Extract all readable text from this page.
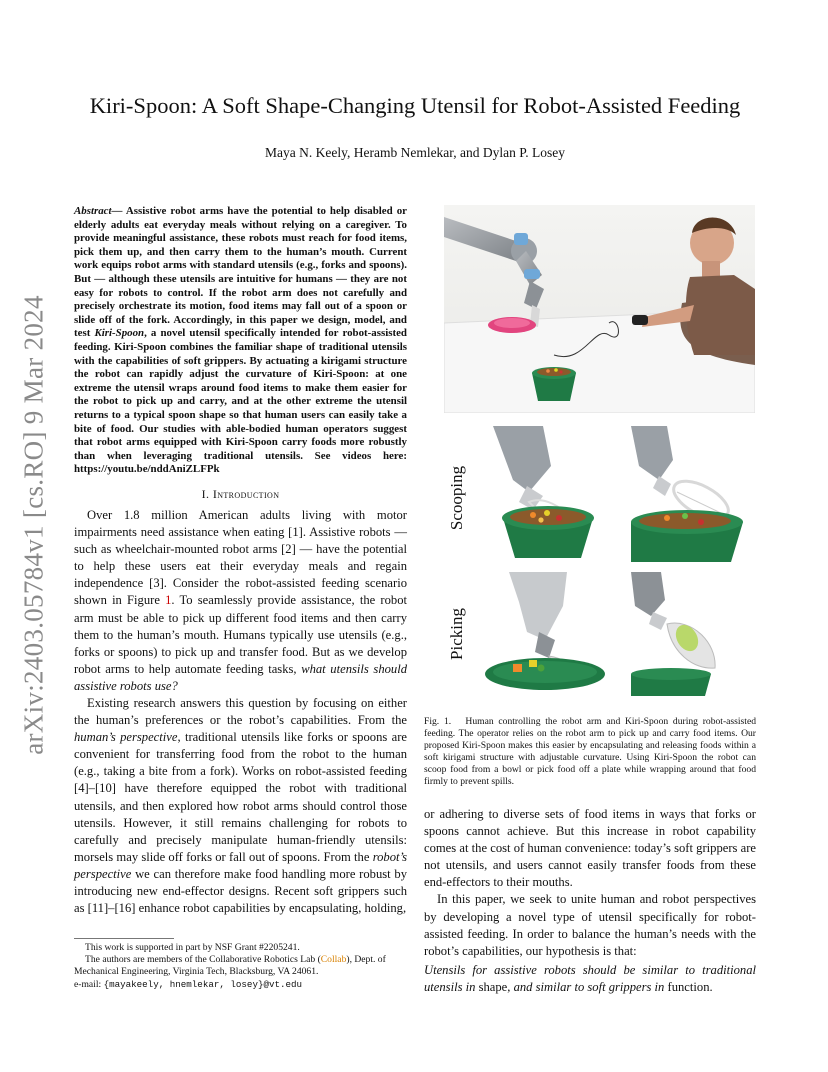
arXiv:2403.05784v1 [cs.RO] 9 Mar 2024
Kiri-Spoon: A Soft Shape-Changing Utensil for Robot-Assisted Feeding
Maya N. Keely, Heramb Nemlekar, and Dylan P. Losey
Abstract— Assistive robot arms have the potential to help disabled or elderly adults eat everyday meals without relying on a caregiver. To provide meaningful assistance, these robots must reach for food items, pick them up, and then carry them to the human’s mouth. Current work equips robot arms with standard utensils (e.g., forks and spoons). But — although these utensils are intuitive for humans — they are not easy for robots to control. If the robot arm does not carefully and precisely orchestrate its motion, food items may fall out of a spoon or slide off of the fork. Accordingly, in this paper we design, model, and test Kiri-Spoon, a novel utensil specifically intended for robot-assisted feeding. Kiri-Spoon combines the familiar shape of traditional utensils with the capabilities of soft grippers. By actuating a kirigami structure the robot can rapidly adjust the curvature of Kiri-Spoon: at one extreme the utensil wraps around food items to make them easier for the robot to pick up and carry, and at the other extreme the utensil returns to a typical spoon shape so that human users can easily take a bite of food. Our studies with able-bodied human operators suggest that robot arms equipped with Kiri-Spoon carry foods more robustly than when leveraging traditional utensils. See videos here: https://youtu.be/nddAniZLFPk
I. Introduction

Over 1.8 million American adults living with motor impairments need assistance when eating [1]. Assistive robots — such as wheelchair-mounted robot arms [2] — have the potential to help these users eat their everyday meals and regain independence [3]. Consider the robot-assisted feeding scenario shown in Figure 1. To seamlessly provide assistance, the robot arm must be able to pick up different food items and then carry them to the human’s mouth. Humans typically use utensils (e.g., forks or spoons) to pick up and transfer food. But as we develop robot arms to help automate feeding tasks, what utensils should assistive robots use?

Existing research answers this question by focusing on either the human’s preferences or the robot’s capabilities. From the human’s perspective, traditional utensils like forks or spoons are convenient for transferring food from the robot to the human (e.g., taking a bite from a fork). Works on robot-assisted feeding [4]–[10] have therefore equipped the robot with traditional utensils, and then explored how robot arms should control those utensils. However, it still remains challenging for robots to carefully and precisely manipulate human-friendly utensils: morsels may slide off forks or fall out of spoons. From the robot’s perspective we can therefore make food handling more robust by introducing new end-effector designs. Recent soft grippers such as [11]–[16] enhance robot capabilities by encapsulating, holding,

This work is supported in part by NSF Grant #2205241.
The authors are members of the Collaborative Robotics Lab (Collab), Dept. of Mechanical Engineering, Virginia Tech, Blacksburg, VA 24061.
e-mail: {mayakeely, hnemlekar, losey}@vt.edu
Scooping
Picking
Fig. 1. Human controlling the robot arm and Kiri-Spoon during robot-assisted feeding. The operator relies on the robot arm to pick up and carry food items. Our proposed Kiri-Spoon makes this easier by encapsulating and releasing foods within a soft kirigami structure with adjustable curvature. Using Kiri-Spoon the robot can scoop food from a bowl or pick food off a plate while wrapping around that food firmly to prevent spills.

or adhering to diverse sets of food items in ways that forks or spoons cannot achieve. But this increase in robot capability comes at the cost of human convenience: today’s soft grippers are not utensils, and users cannot easily transfer foods from these end-effectors to their mouths.

In this paper, we seek to unite human and robot perspectives by developing a novel type of utensil specifically for robot-assisted feeding. In order to balance the human’s needs with the robot’s capabilities, our hypothesis is that:

Utensils for assistive robots should be similar to traditional utensils in shape, and similar to soft grippers in function.
